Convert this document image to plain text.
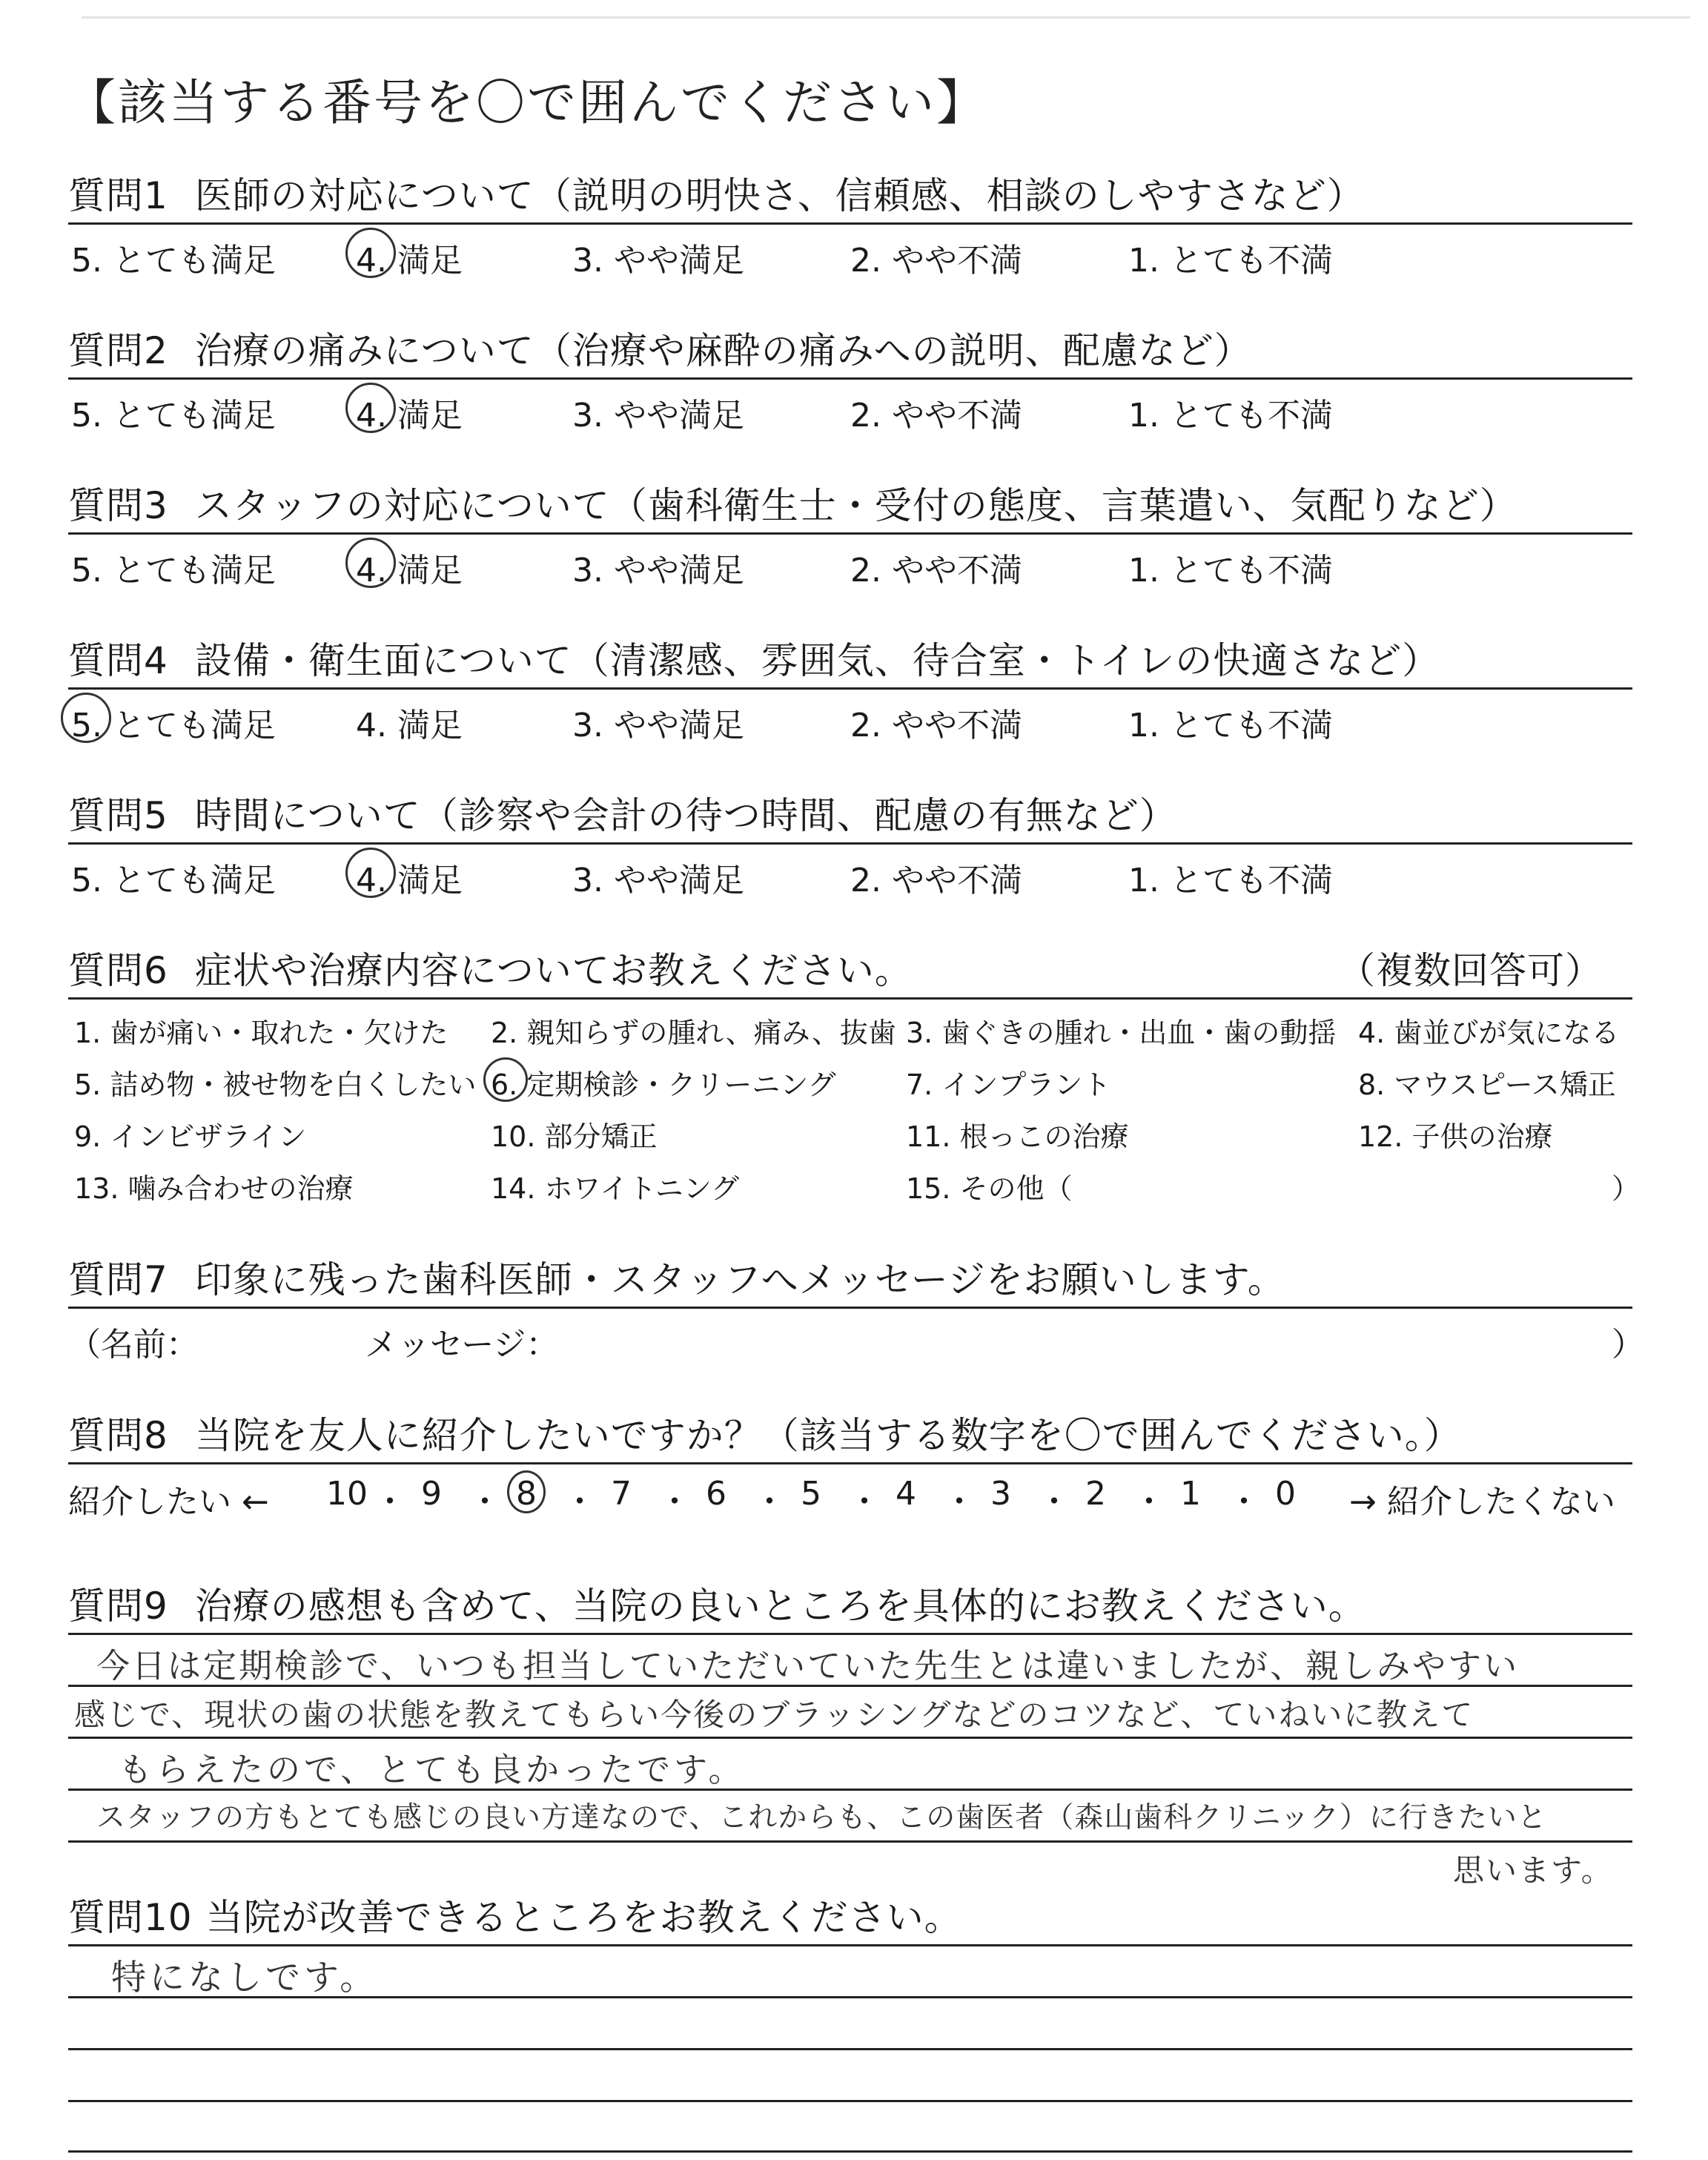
【該当する番号を〇で囲んでください】
質問1 医師の対応について（説明の明快さ、信頼感、相談のしやすさなど）
5. とても満足 4. 満足	3. やや満足	2. やや不満	1. とても不満
質問2 治療の痛みについて（治療や麻酔の痛みへの説明、配慮など）
5. とても満足 4. 満足	3. やや満足	2. やや不満	1. とても不満
質問3 スタッフの対応について（歯科衛生士・受付の態度、言葉遣い、気配りなど）
5. とても満足 4. 満足	3. やや満足	2. やや不満	1. とても不満
質問4 設備・衛生面について（清潔感、雰囲気、待合室・トイレの快適さなど）
5. とても満足 4. 満足	3. やや満足	2. やや不満	1. とても不満
質問5 時間について（診察や会計の待つ時間、配慮の有無など）
5. とても満足 4. 満足	3. やや満足	2. やや不満	1. とても不満
質問6 症状や治療内容についてお教えください。	（複数回答可）
1. 歯が痛い・取れた・欠けた 2. 親知らずの腫れ、痛み、抜歯 3. 歯ぐきの腫れ・出血・歯の動揺 4. 歯並びが気になる
5. 詰め物・被せ物を白くしたい 6. 定期検診・クリーニング 7. インプラント	8. マウスピース矯正
9. インビザライン	10. 部分矯正	11. 根っこの治療	12. 子供の治療
13. 噛み合わせの治療	14. ホワイトニング	15. その他（	）
質問7 印象に残った歯科医師・スタッフへメッセージをお願いします。
（名前：	メッセージ：	）
質問8 当院を友人に紹介したいですか？（該当する数字を〇で囲んでください。）
紹介したい ←	→ 紹介したくない
10 ・ 9 ・ 8 ・ 7 ・ 6 ・ 5 ・ 4 ・ 3 ・ 2 ・ 1 ・ 0
質問9 治療の感想も含めて、当院の良いところを具体的にお教えください。
今日は定期検診で、いつも担当していただいていた先生とは違いましたが、親しみやすい
感じで、現状の歯の状態を教えてもらい今後のブラッシングなどのコツなど、ていねいに教えて
もらえたので、とても良かったです。
スタッフの方もとても感じの良い方達なので、これからも、この歯医者（森山歯科クリニック）に行きたいと
思います。
質問10 当院が改善できるところをお教えください。
特になしです。
